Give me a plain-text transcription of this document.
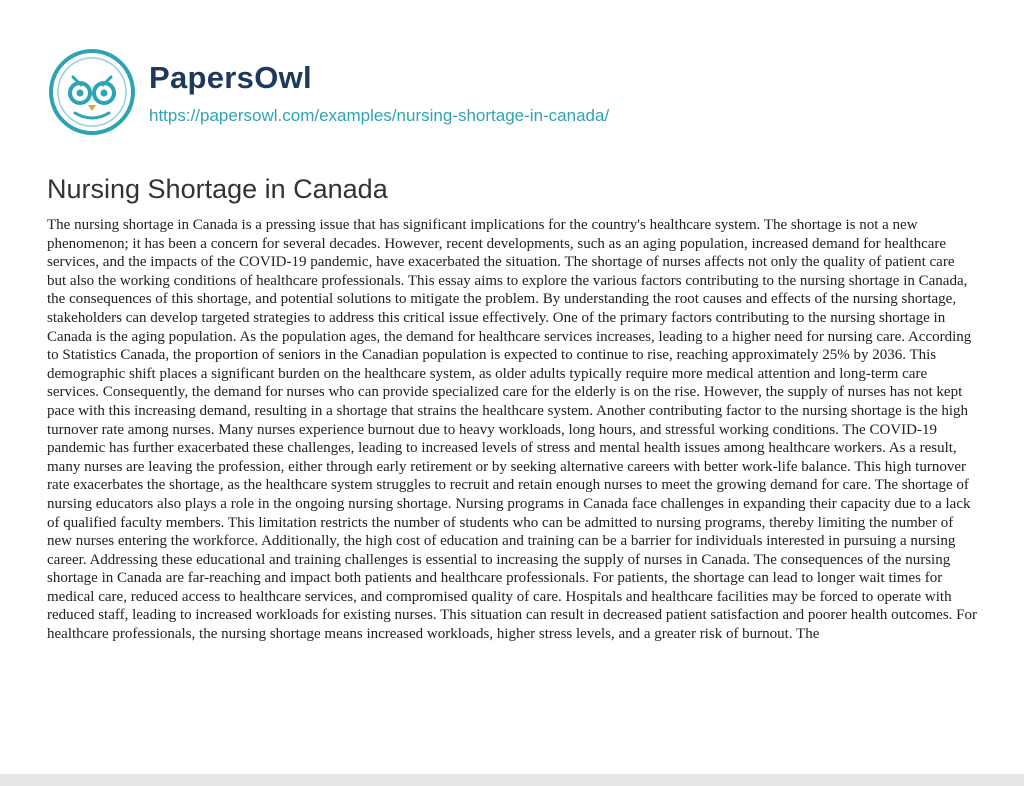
PapersOwl
https://papersowl.com/examples/nursing-shortage-in-canada/
Nursing Shortage in Canada

The nursing shortage in Canada is a pressing issue that has significant implications for the country's healthcare system. The shortage is not a new phenomenon; it has been a concern for several decades. However, recent developments, such as an aging population, increased demand for healthcare services, and the impacts of the COVID-19 pandemic, have exacerbated the situation. The shortage of nurses affects not only the quality of patient care but also the working conditions of healthcare professionals. This essay aims to explore the various factors contributing to the nursing shortage in Canada, the consequences of this shortage, and potential solutions to mitigate the problem. By understanding the root causes and effects of the nursing shortage, stakeholders can develop targeted strategies to address this critical issue effectively. One of the primary factors contributing to the nursing shortage in Canada is the aging population. As the population ages, the demand for healthcare services increases, leading to a higher need for nursing care. According to Statistics Canada, the proportion of seniors in the Canadian population is expected to continue to rise, reaching approximately 25% by 2036. This demographic shift places a significant burden on the healthcare system, as older adults typically require more medical attention and long-term care services. Consequently, the demand for nurses who can provide specialized care for the elderly is on the rise. However, the supply of nurses has not kept pace with this increasing demand, resulting in a shortage that strains the healthcare system. Another contributing factor to the nursing shortage is the high turnover rate among nurses. Many nurses experience burnout due to heavy workloads, long hours, and stressful working conditions. The COVID-19 pandemic has further exacerbated these challenges, leading to increased levels of stress and mental health issues among healthcare workers. As a result, many nurses are leaving the profession, either through early retirement or by seeking alternative careers with better work-life balance. This high turnover rate exacerbates the shortage, as the healthcare system struggles to recruit and retain enough nurses to meet the growing demand for care. The shortage of nursing educators also plays a role in the ongoing nursing shortage. Nursing programs in Canada face challenges in expanding their capacity due to a lack of qualified faculty members. This limitation restricts the number of students who can be admitted to nursing programs, thereby limiting the number of new nurses entering the workforce. Additionally, the high cost of education and training can be a barrier for individuals interested in pursuing a nursing career. Addressing these educational and training challenges is essential to increasing the supply of nurses in Canada. The consequences of the nursing shortage in Canada are far-reaching and impact both patients and healthcare professionals. For patients, the shortage can lead to longer wait times for medical care, reduced access to healthcare services, and compromised quality of care. Hospitals and healthcare facilities may be forced to operate with reduced staff, leading to increased workloads for existing nurses. This situation can result in decreased patient satisfaction and poorer health outcomes. For healthcare professionals, the nursing shortage means increased workloads, higher stress levels, and a greater risk of burnout. The
